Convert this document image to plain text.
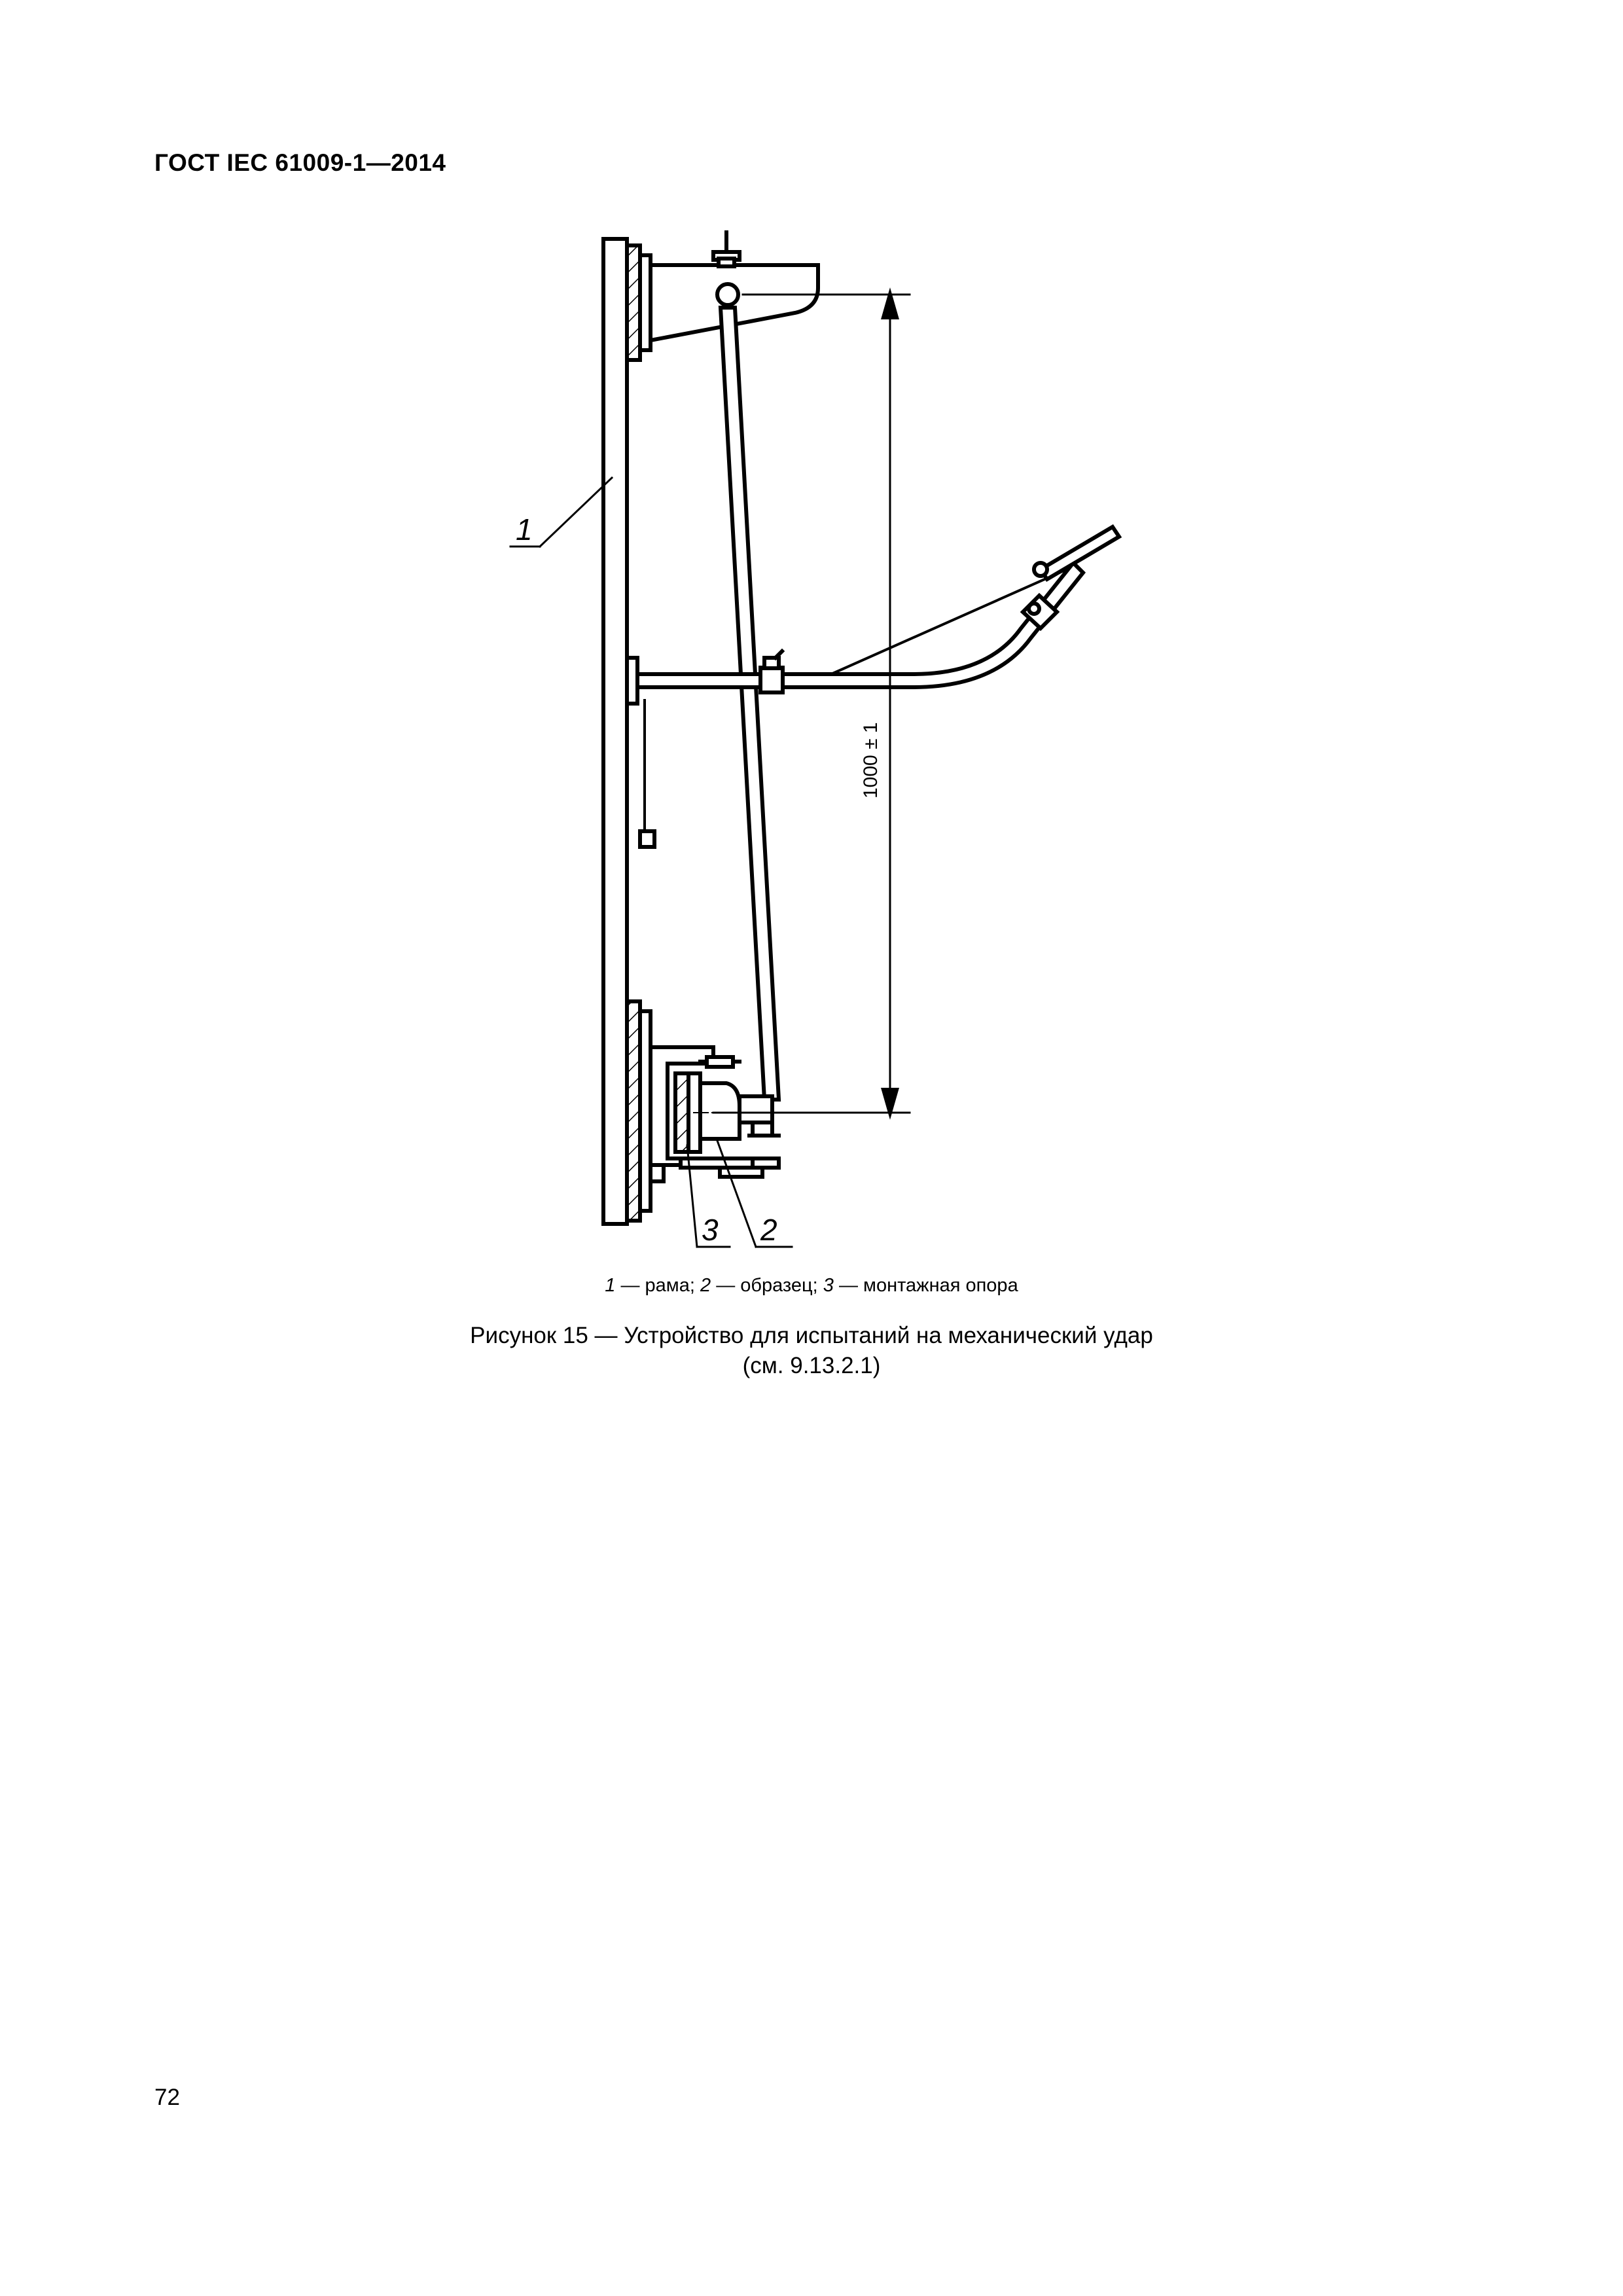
ГОСТ IEC 61009-1—2014
1
3 2
1000 ± 1
1 — рама; 2 — образец; 3 — монтажная опора
Рисунок 15 — Устройство для испытаний на механический удар
(см. 9.13.2.1)
72
